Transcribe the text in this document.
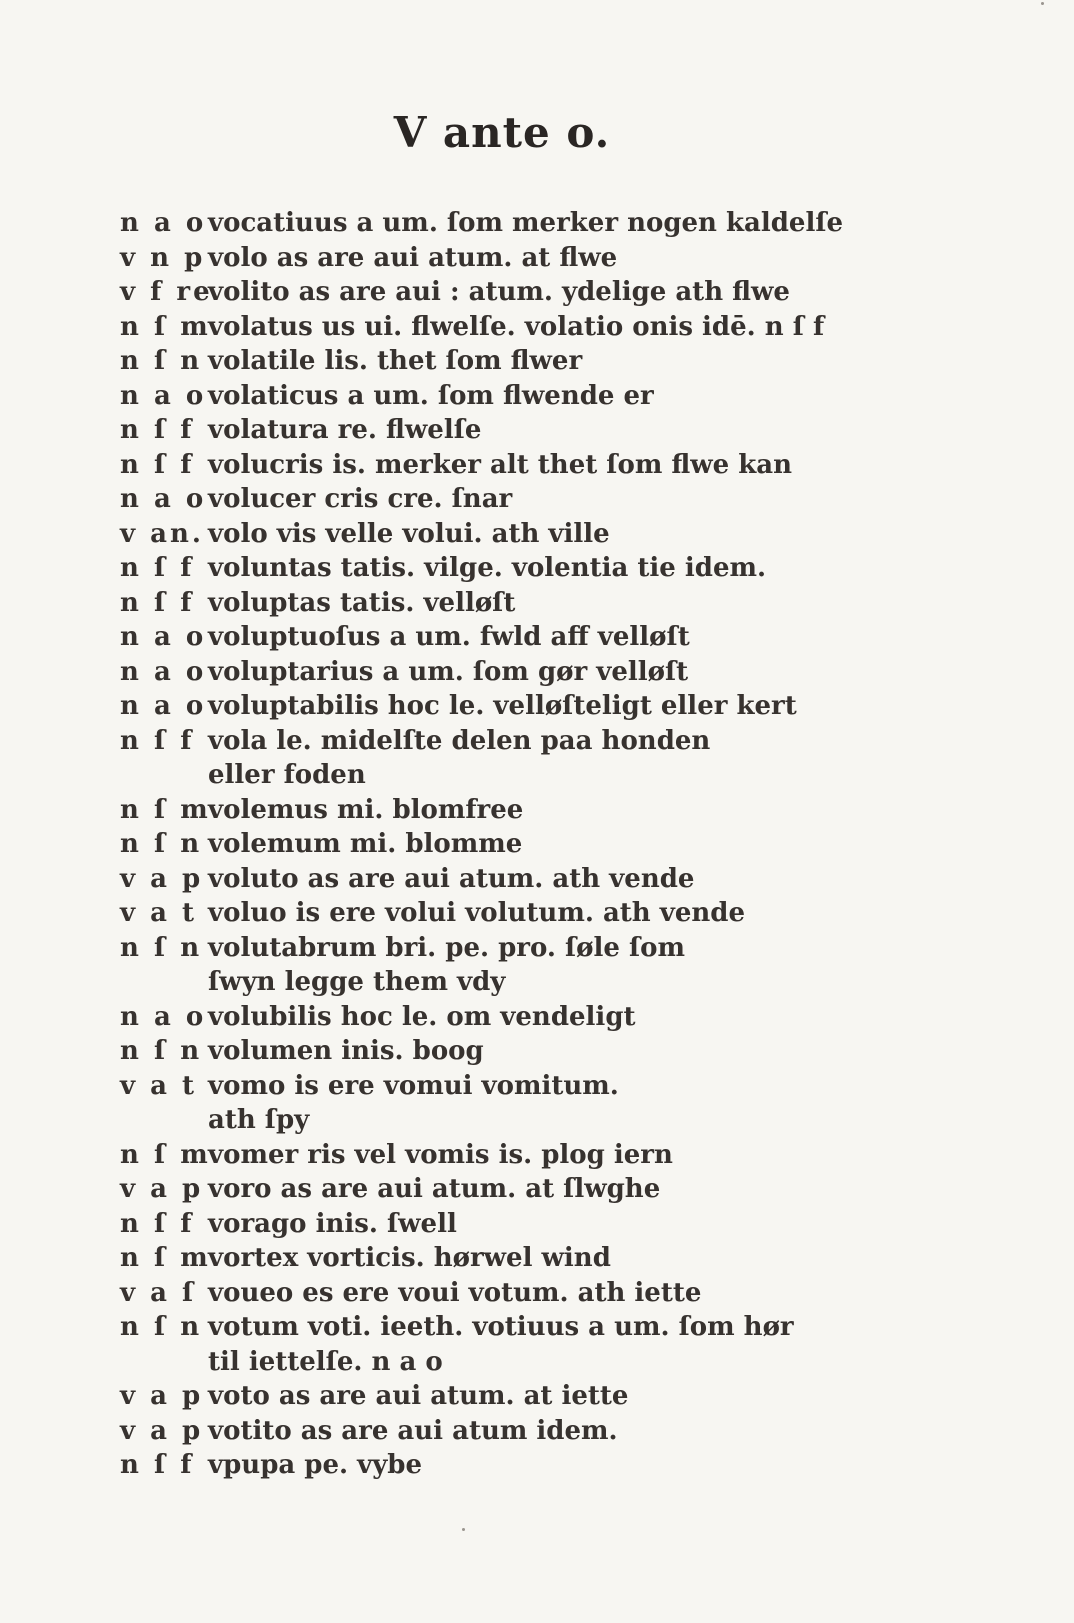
V ante o.
n a o vocatiuus a um. ſom merker nogen kaldelſe
v n p volo as are aui atum. at flwe
v f re
volito as are aui : atum. ydelige ath flwe
n ſ m
volatus us ui. flwelſe. volatio onis idē. n ſ f
n ſ n volatile lis. thet ſom flwer
n a o volaticus a um. ſom flwende er
n ſ f volatura re. flwelſe
n ſ f volucris is. merker alt thet ſom flwe kan
n a o volucer cris cre. ſnar
v an. volo vis velle volui. ath ville
n ſ f voluntas tatis. vilge. volentia tie idem.
n ſ f voluptas tatis. velløſt
n a o voluptuoſus a um. fwld aff velløſt
n a o voluptarius a um. ſom gør velløſt
n a o voluptabilis hoc le. velløſteligt eller kert
n ſ f vola le. midelſte delen paa honden
eller foden
n ſ m
volemus mi. blomfree
n ſ n volemum mi. blomme
v a p voluto as are aui atum. ath vende
v a t voluo is ere volui volutum. ath vende
n ſ n volutabrum bri. pe. pro. ſøle ſom
ſwyn legge them vdy
n a o volubilis hoc le. om vendeligt
n ſ n volumen inis. boog
v a t vomo is ere vomui vomitum.
ath ſpy
n ſ m
vomer ris vel vomis is. plog iern
v a p voro as are aui atum. at ſlwghe
n ſ f vorago inis. ſwell
n ſ m
vortex vorticis. hørwel wind
v a ſ voueo es ere voui votum. ath iette
n ſ n votum voti. ieeth. votiuus a um. ſom hør
til iettelſe. n a o
v a p voto as are aui atum. at iette
v a p votito as are aui atum idem.
n ſ f vpupa pe. vybe
